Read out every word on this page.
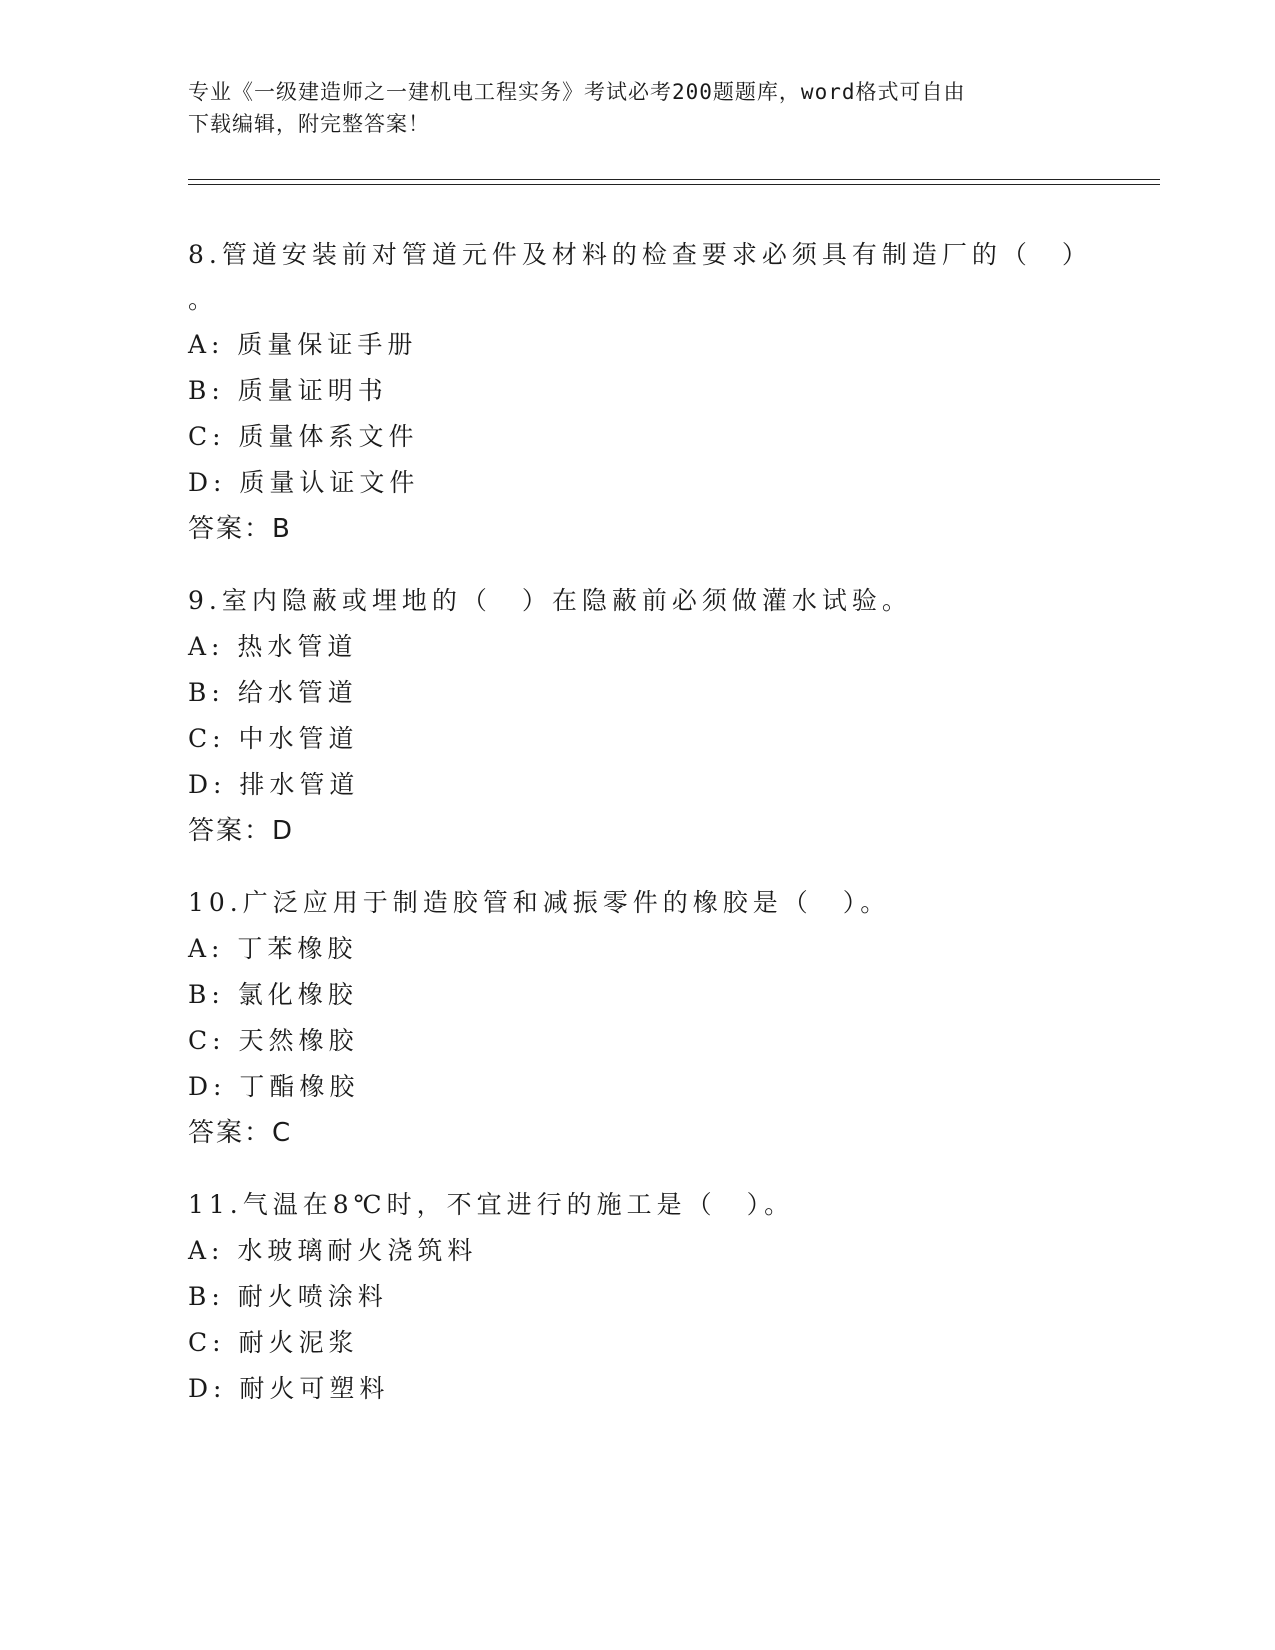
专业《一级建造师之一建机电工程实务》考试必考200题题库，word格式可自由
下载编辑，附完整答案！
8.管道安装前对管道元件及材料的检查要求必须具有制造厂的（　）
。
A: 质量保证手册
B: 质量证明书
C: 质量体系文件
D: 质量认证文件
答案：B
9.室内隐蔽或埋地的（　）在隐蔽前必须做灌水试验。
A: 热水管道
B: 给水管道
C: 中水管道
D: 排水管道
答案：D
10.广泛应用于制造胶管和减振零件的橡胶是（　）。
A: 丁苯橡胶
B: 氯化橡胶
C: 天然橡胶
D: 丁酯橡胶
答案：C
11.气温在8℃时，不宜进行的施工是（　）。
A: 水玻璃耐火浇筑料
B: 耐火喷涂料
C: 耐火泥浆
D: 耐火可塑料
